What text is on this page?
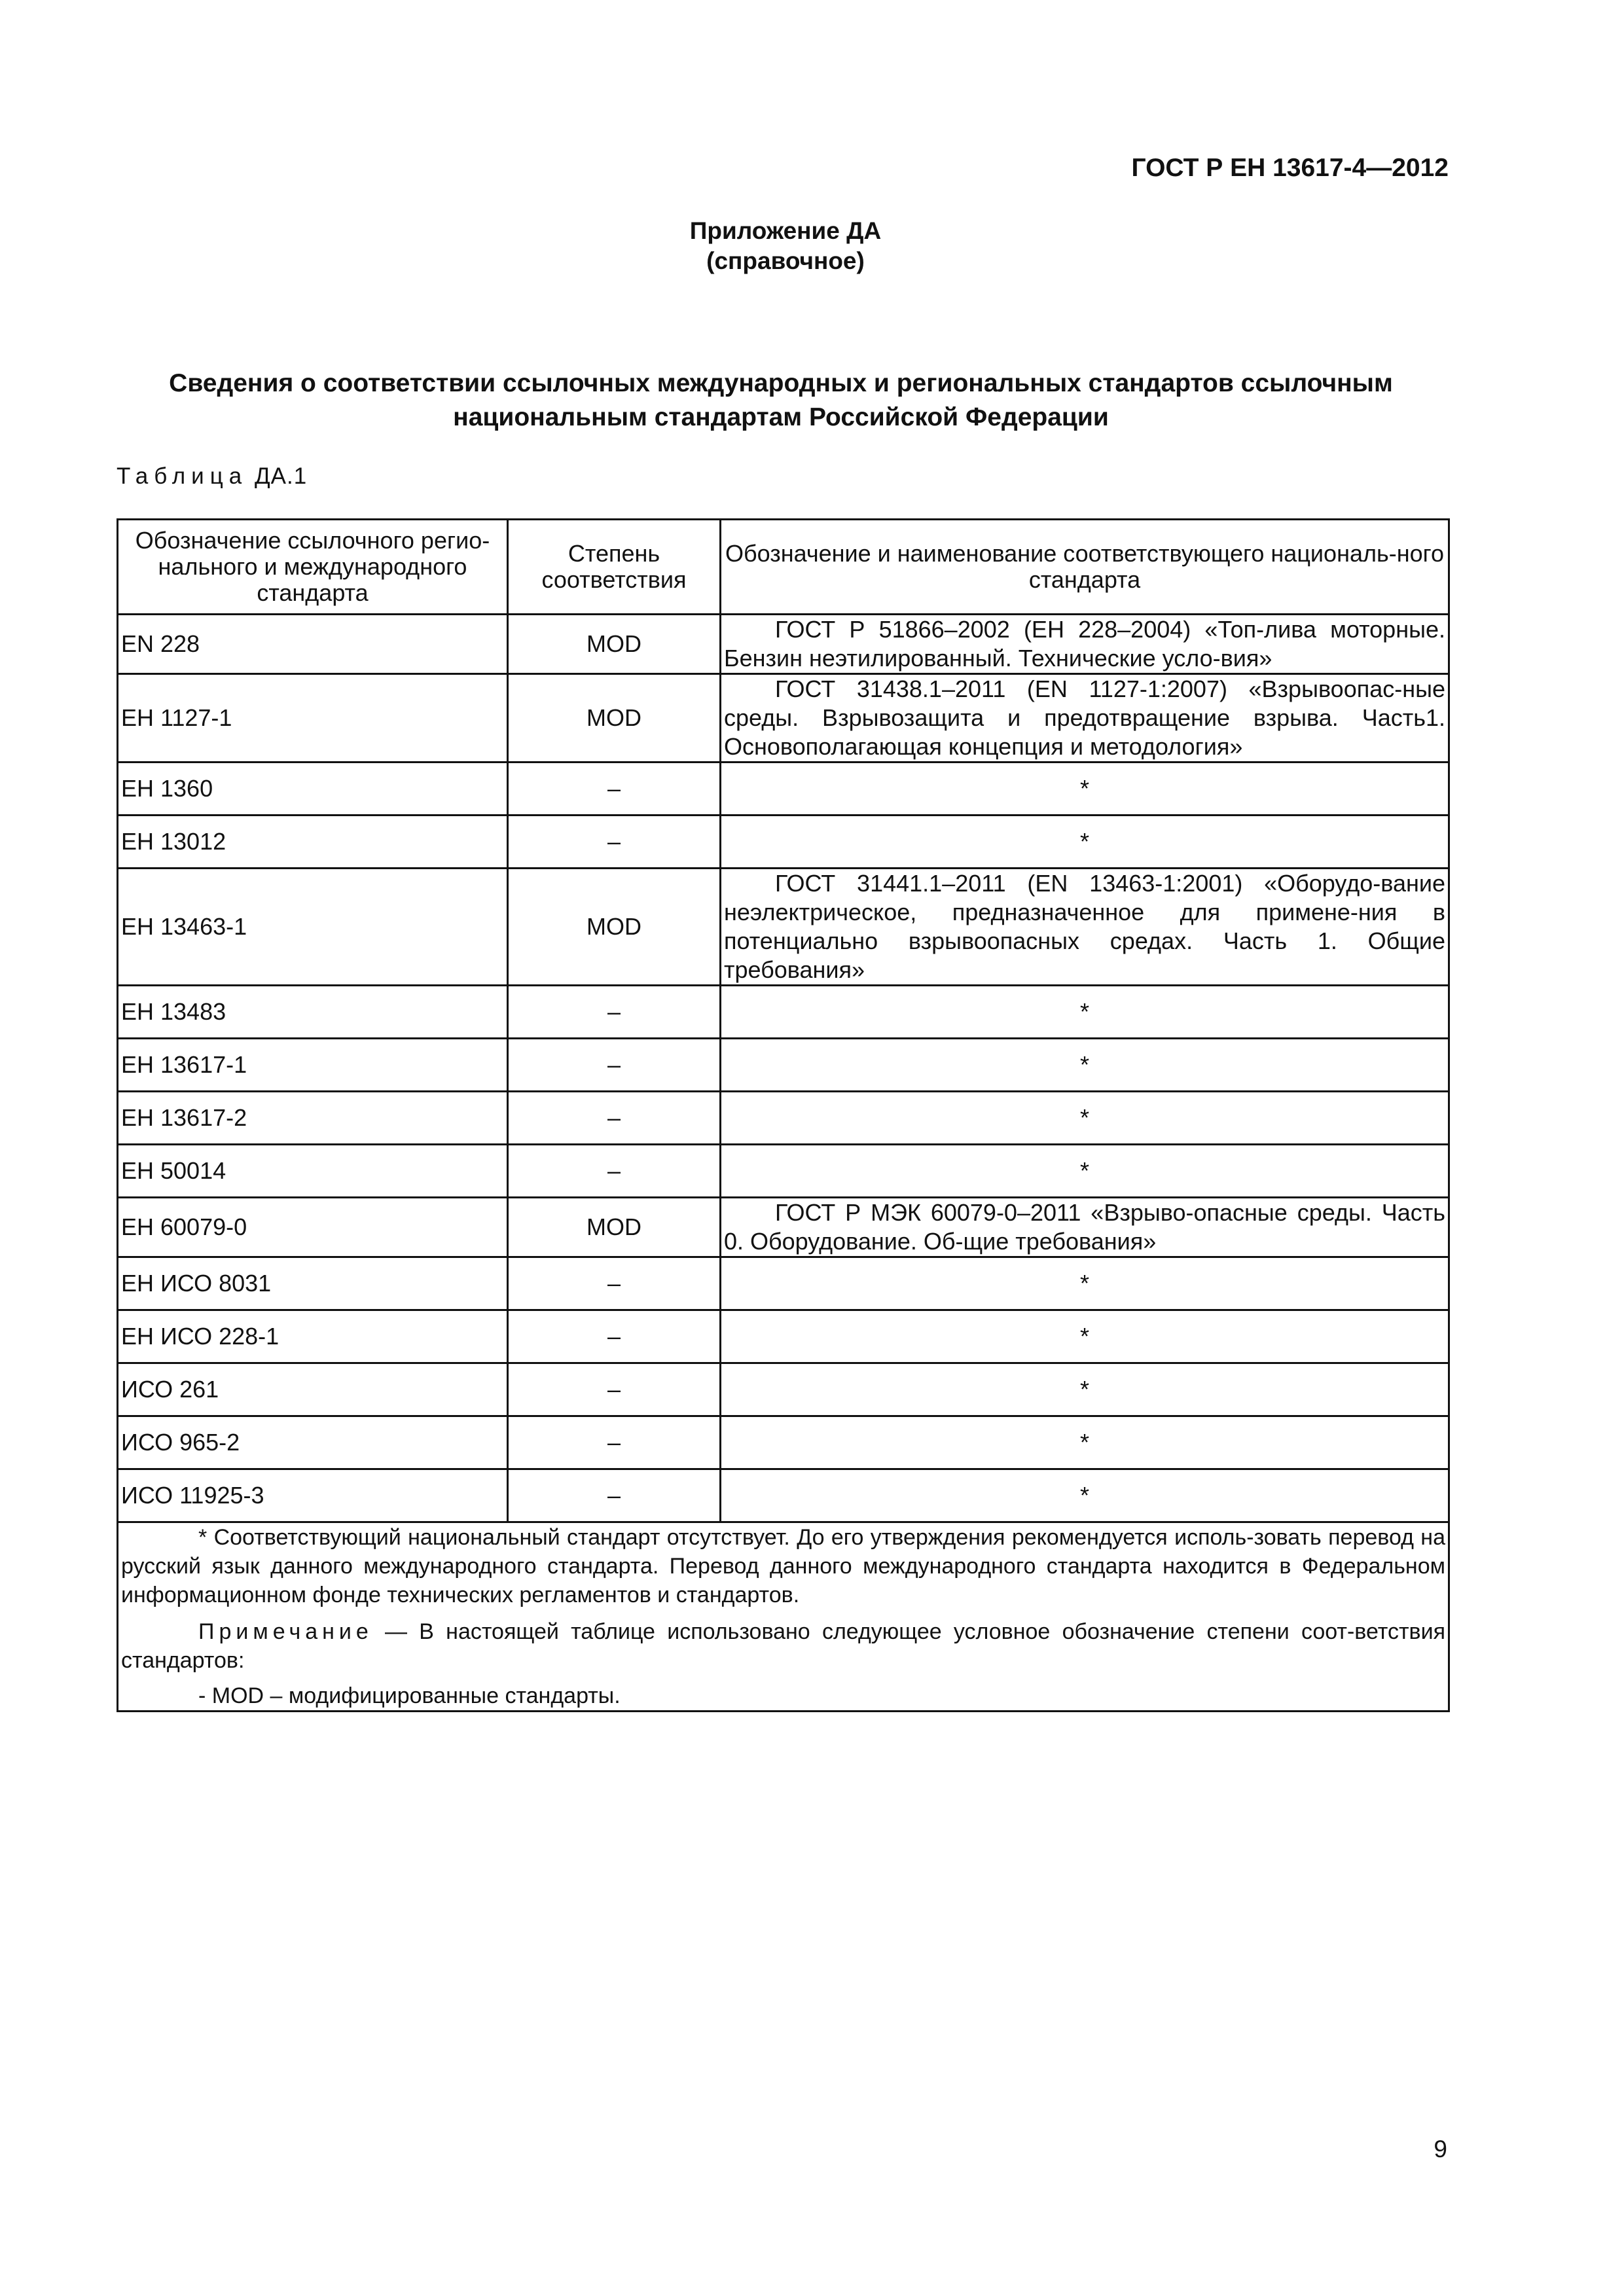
ГОСТ Р ЕН 13617-4—2012

Приложение ДА
(справочное)

Сведения о соответствии ссылочных международных и региональных стандартов ссылочным национальным стандартам Российской Федерации

Таблица ДА.1

Обозначение ссылочного регио-нального и международного стандарта	Степень соответствия	Обозначение и наименование соответствующего националь-ного стандарта
EN 228	MOD	ГОСТ Р 51866–2002 (ЕН 228–2004) «Топ-лива моторные. Бензин неэтилированный. Технические усло-вия»
ЕН 1127-1	MOD	ГОСТ 31438.1–2011 (EN 1127-1:2007) «Взрывоопас-ные среды. Взрывозащита и предотвращение взрыва. Часть1. Основополагающая концепция и методология»
ЕН 1360	–	*
ЕН 13012	–	*
ЕН 13463-1	MOD	ГОСТ 31441.1–2011 (EN 13463-1:2001) «Оборудо-вание неэлектрическое, предназначенное для примене-ния в потенциально взрывоопасных средах. Часть 1. Общие требования»
ЕН 13483	–	*
ЕН 13617-1	–	*
ЕН 13617-2	–	*
ЕН 50014	–	*
ЕН 60079-0	MOD	ГОСТ Р МЭК 60079-0–2011 «Взрыво-опасные среды. Часть 0. Оборудование. Об-щие требования»
ЕН ИСО 8031	–	*
ЕН ИСО 228-1	–	*
ИСО 261	–	*
ИСО 965-2	–	*
ИСО 11925-3	–	*

* Соответствующий национальный стандарт отсутствует. До его утверждения рекомендуется исполь-зовать перевод на русский язык данного международного стандарта. Перевод данного международного стандарта находится в Федеральном информационном фонде технических регламентов и стандартов.

Примечание — В настоящей таблице использовано следующее условное обозначение степени соот-ветствия стандартов:

- MOD – модифицированные стандарты.		

9
